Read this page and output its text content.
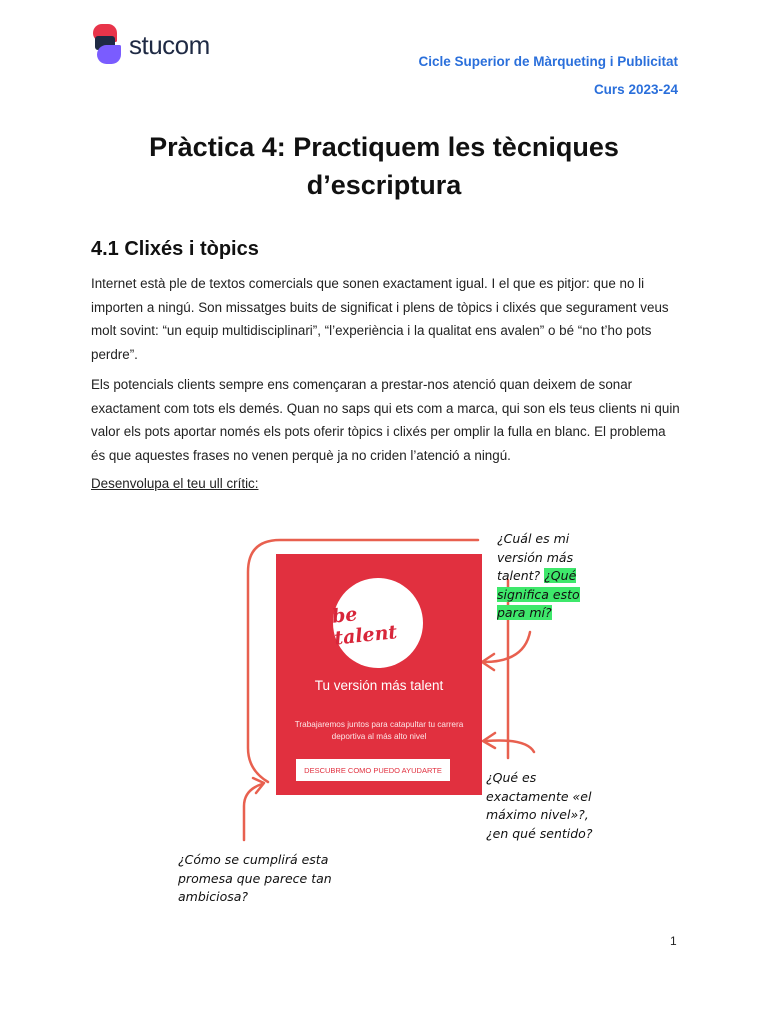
stucom
Cicle Superior de Màrqueting i Publicitat
Curs 2023-24
Pràctica 4: Practiquem les tècniques
d’escriptura
4.1 Clixés i tòpics

Internet està ple de textos comercials que sonen exactament igual. I el que es pitjor: que no li importen a ningú. Son missatges buits de significat i plens de tòpics i clixés que segurament veus molt sovint: “un equip multidisciplinari”, “l’experiència i la qualitat ens avalen” o bé “no t’ho pots perdre”.

Els potencials clients sempre ens començaran a prestar-nos atenció quan deixem de sonar exactament com tots els demés. Quan no saps qui ets com a marca, qui son els teus clients ni quin valor els pots aportar només els pots oferir tòpics i clixés per omplir la fulla en blanc. El problema és que aquestes frases no venen perquè ja no criden l’atenció a ningú.

Desenvolupa el teu ull crític:

be talent
Tu versión más talent
Trabajaremos juntos para catapultar tu carrera deportiva al más alto nivel
DESCUBRE COMO PUEDO AYUDARTE
¿Cuál es mi versión más talent? ¿Qué significa esto para mí?
¿Qué es exactamente «el máximo nivel»?, ¿en qué sentido?
¿Cómo se cumplirá esta promesa que parece tan ambiciosa?
1
